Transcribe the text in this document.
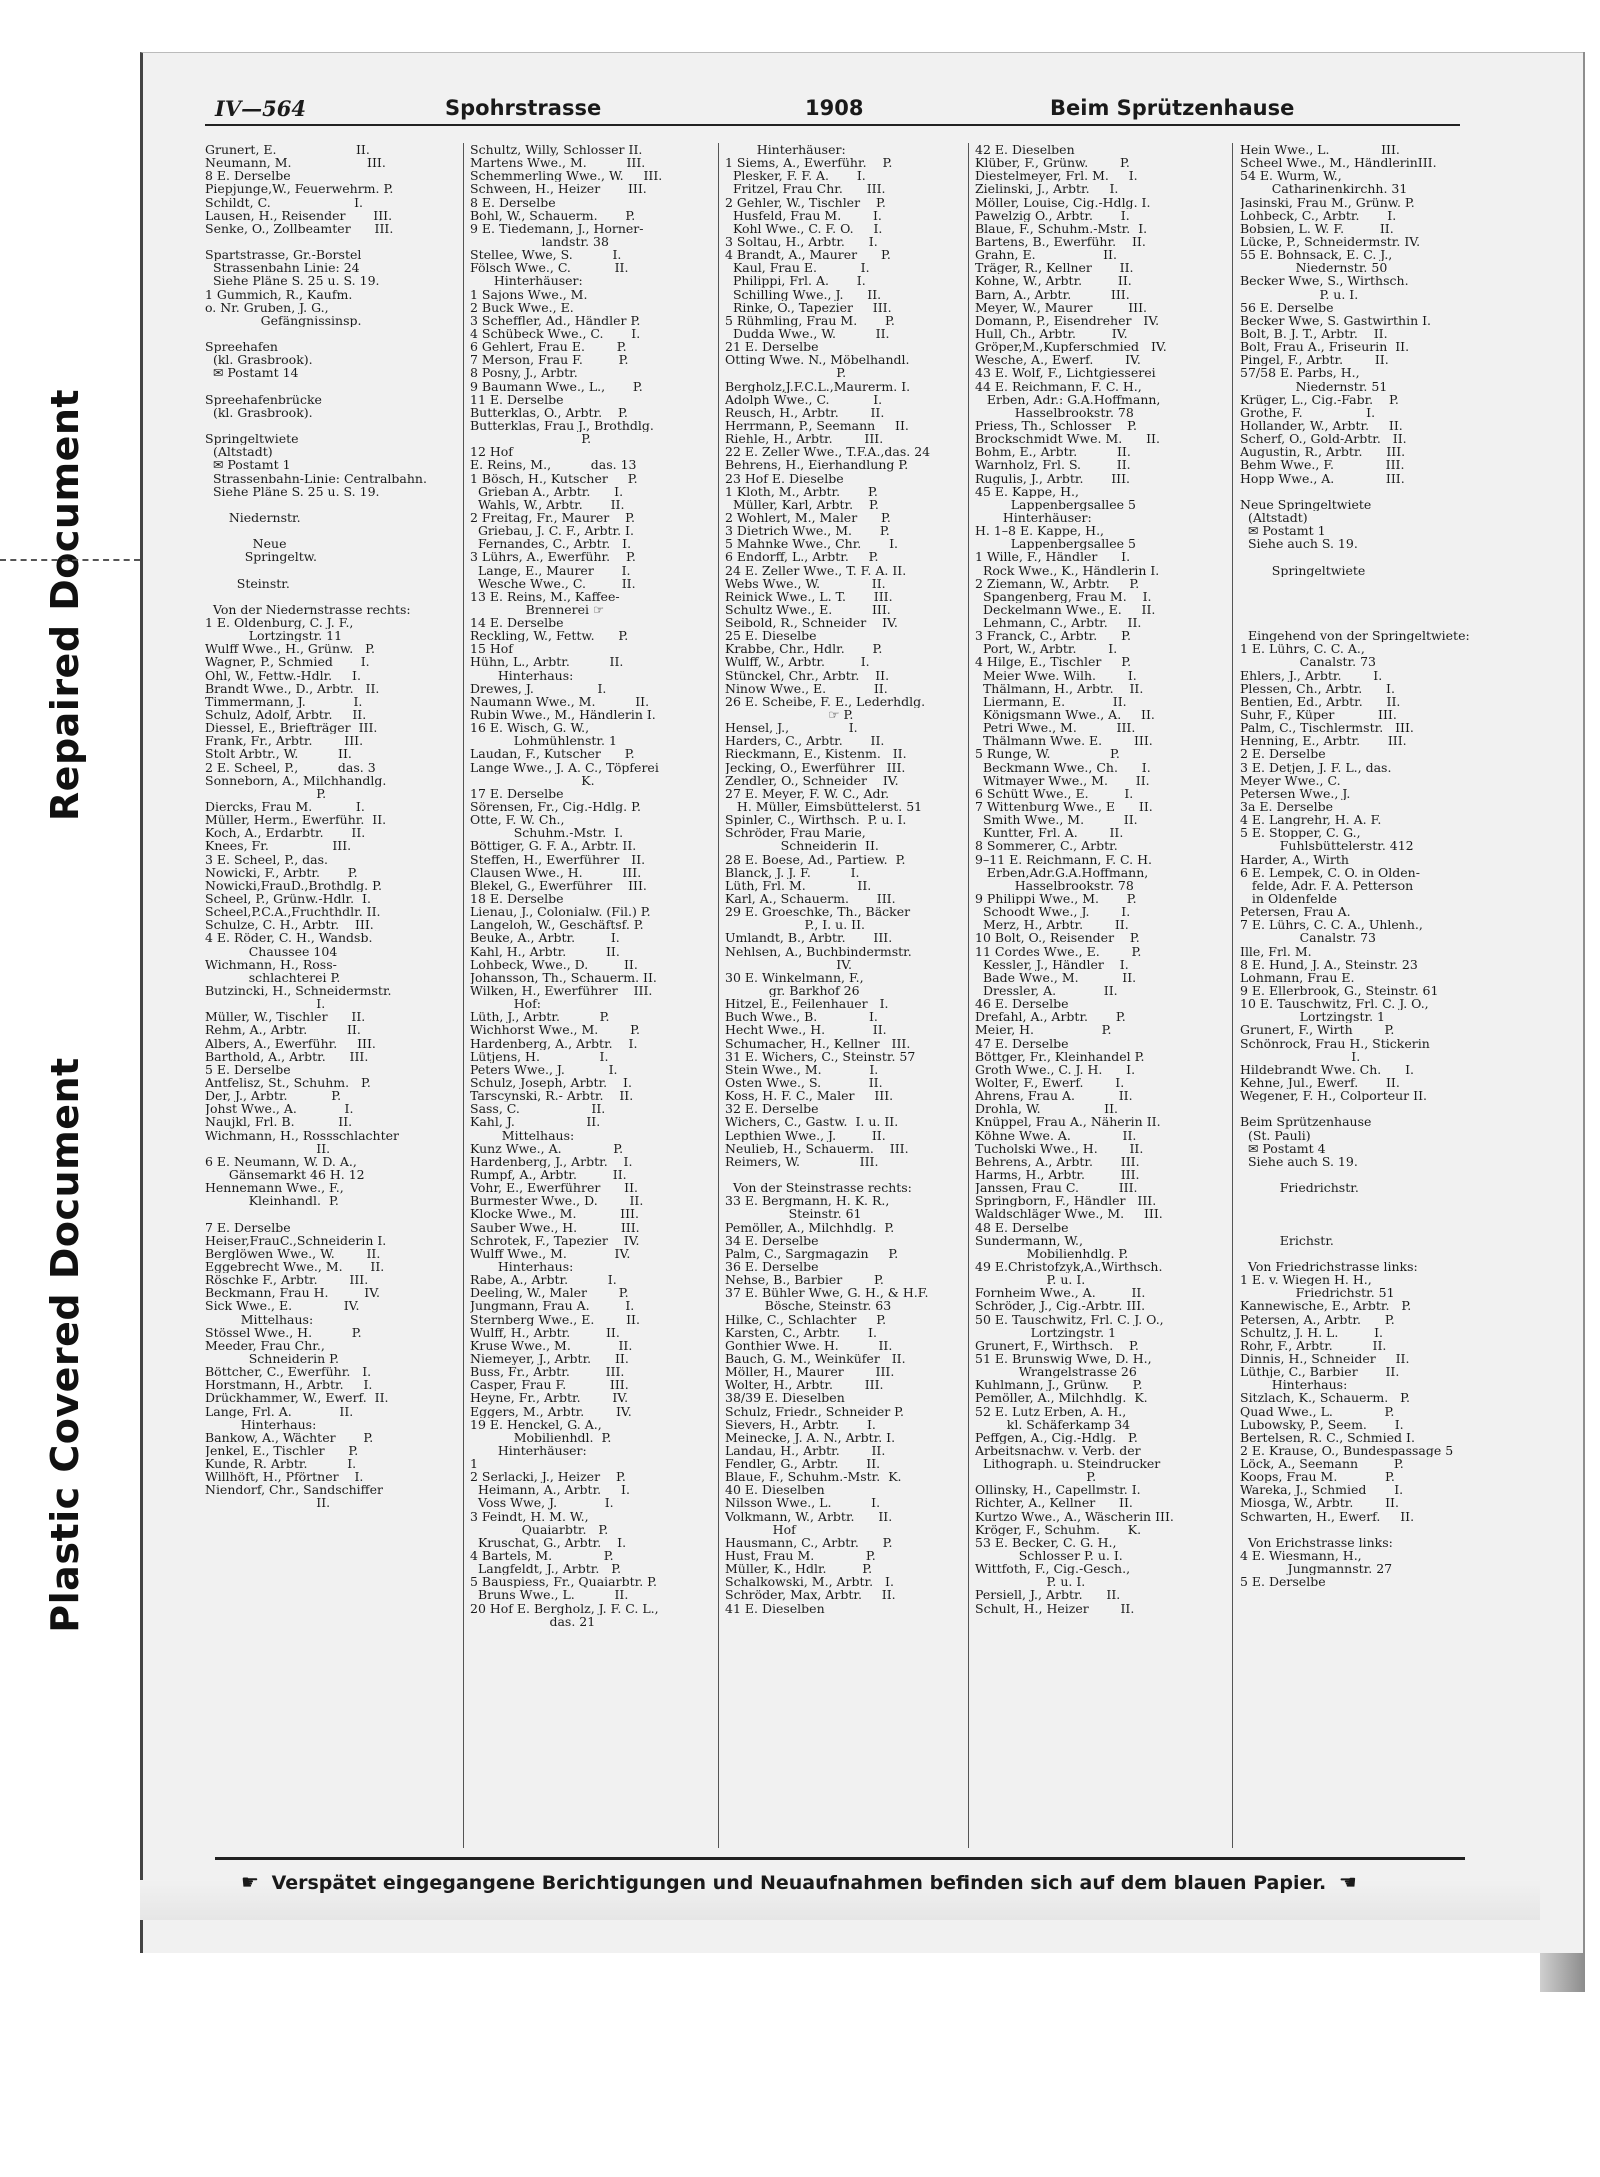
Repaired Document
Plastic Covered Document
IV—564	Spohrstrasse	1908	Beim Sprützenhause
Grunert, E.                    II.
Neumann, M.                   III.
8 E. Derselbe
Piepjunge,W., Feuerwehrm. P.
Schildt, C.                     I.
Lausen, H., Reisender       III.
Senke, O., Zollbeamter      III.
Spartstrasse, Gr.-Borstel
Strassenbahn Linie: 24
Siehe Pläne S. 25 u. S. 19.
1 Gummich, R., Kaufm.
o. Nr. Gruben, J. G.,
Gefängnissinsp.
Spreehafen
(kl. Grasbrook).
✉ Postamt 14
Spreehafenbrücke
(kl. Grasbrook).
Springeltwiete
(Altstadt)
✉ Postamt 1
Strassenbahn-Linie: Centralbahn.
Siehe Pläne S. 25 u. S. 19.
Niedernstr.
Neue
Springeltw.
Steinstr.
Von der Niedernstrasse rechts:
1 E. Oldenburg, C. J. F.,
Lortzingstr. 11
Wulff Wwe., H., Grünw.   P.
Wagner, P., Schmied       I.
Ohl, W., Fettw.-Hdlr.     I.
Brandt Wwe., D., Arbtr.   II.
Timmermann, J.            I.
Schulz, Adolf, Arbtr.     II.
Diessel, E., Briefträger  III.
Frank, Fr., Arbtr.        III.
Stolt Arbtr., W.          II.
2 E. Scheel, P.,          das. 3
Sonneborn, A., Milchhandlg.
P.
Diercks, Frau M.           I.
Müller, Herm., Ewerführ.  II.
Koch, A., Erdarbtr.       II.
Knees, Fr.                III.
3 E. Scheel, P., das.
Nowicki, F., Arbtr.       P.
Nowicki,FrauD.,Brothdlg. P.
Scheel, P., Grünw.-Hdlr.  I.
Scheel,P.C.A.,Fruchthdlr. II.
Schulze, C. H., Arbtr.    III.
4 E. Röder, C. H., Wandsb.
Chaussee 104
Wichmann, H., Ross-
schlachterei P.
Butzincki, H., Schneidermstr.
I.
Müller, W., Tischler      II.
Rehm, A., Arbtr.          II.
Albers, A., Ewerführ.     III.
Barthold, A., Arbtr.      III.
5 E. Derselbe
Antfelisz, St., Schuhm.   P.
Der, J., Arbtr.           P.
Johst Wwe., A.            I.
Naujkl, Frl. B.           II.
Wichmann, H., Rossschlachter
II.
6 E. Neumann, W. D. A.,
Gänsemarkt 46 H. 12
Hennemann Wwe., F.,
Kleinhandl.  P.
7 E. Derselbe
Heiser,FrauC.,Schneiderin I.
Berglöwen Wwe., W.        II.
Eggebrecht Wwe., M.       II.
Röschke F., Arbtr.        III.
Beckmann, Frau H.         IV.
Sick Wwe., E.             IV.
Mittelhaus:
Stössel Wwe., H.          P.
Meeder, Frau Chr.,
Schneiderin P.
Böttcher, C., Ewerführ.   I.
Horstmann, H., Arbtr.     I.
Drückhammer, W., Ewerf.  II.
Lange, Frl. A.            II.
Hinterhaus:
Bankow, A., Wächter       P.
Jenkel, E., Tischler      P.
Kunde, R. Arbtr.          I.
Willhöft, H., Pförtner    I.
Niendorf, Chr., Sandschiffer
II.
Schultz, Willy, Schlosser II.
Martens Wwe., M.          III.
Schemmerling Wwe., W.     III.
Schween, H., Heizer       III.
8 E. Derselbe
Bohl, W., Schauerm.       P.
9 E. Tiedemann, J., Horner-
landstr. 38
Stellee, Wwe, S.          I.
Fölsch Wwe., C.           II.
Hinterhäuser:
1 Sajons Wwe., M.
2 Buck Wwe., E.
3 Scheffler, Ad., Händler P.
4 Schübeck Wwe., C.       I.
6 Gehlert, Frau E.        P.
7 Merson, Frau F.         P.
8 Posny, J., Arbtr.
9 Baumann Wwe., L.,       P.
11 E. Derselbe
Butterklas, O., Arbtr.    P.
Butterklas, Frau J., Brothdlg.
P.
12 Hof
E. Reins, M.,          das. 13
1 Bösch, H., Kutscher     P.
Grieban A., Arbtr.      I.
Wahls, W., Arbtr.       II.
2 Freitag, Fr., Maurer    P.
Griebau, J. C. F., Arbtr. I.
Fernandes, C., Arbtr.   I.
3 Lührs, A., Ewerführ.    P.
Lange, E., Maurer       I.
Wesche Wwe., C.         II.
13 E. Reins, M., Kaffee-
Brennerei ☞
14 E. Derselbe
Reckling, W., Fettw.      P.
15 Hof
Hühn, L., Arbtr.          II.
Hinterhaus:
Drewes, J.                I.
Naumann Wwe., M.          II.
Rubin Wwe., M., Händlerin I.
16 E. Wisch, G. W.,
Lohmühlenstr. 1
Laudan, F., Kutscher      P.
Lange Wwe., J. A. C., Töpferei
K.
17 E. Derselbe
Sörensen, Fr., Cig.-Hdlg. P.
Otte, F. W. Ch.,
Schuhm.-Mstr.  I.
Böttiger, G. F. A., Arbtr. II.
Steffen, H., Ewerführer   II.
Clausen Wwe., H.          III.
Blekel, G., Ewerführer    III.
18 E. Derselbe
Lienau, J., Colonialw. (Fil.) P.
Langeloh, W., Geschäftsf. P.
Beuke, A., Arbtr.         I.
Kahl, H., Arbtr.          II.
Lohbeck, Wwe., D.         II.
Johansson, Th., Schauerm. II.
Wilken, H., Ewerführer    III.
Hof:
Lüth, J., Arbtr.          P.
Wichhorst Wwe., M.        P.
Hardenberg, A., Arbtr.    I.
Lütjens, H.               I.
Peters Wwe., J.           I.
Schulz, Joseph, Arbtr.    I.
Tarscynski, R.- Arbtr.    II.
Sass, C.                  II.
Kahl, J.                  II.
Mittelhaus:
Kunz Wwe., A.             P.
Hardenberg, J., Arbtr.    I.
Rumpf, A., Arbtr.         II.
Vohr, E., Ewerführer      II.
Burmester Wwe., D.        II.
Klocke Wwe., M.           III.
Sauber Wwe., H.           III.
Schrotek, F., Tapezier    IV.
Wulff Wwe., M.            IV.
Hinterhaus:
Rabe, A., Arbtr.          I.
Deeling, W., Maler        P.
Jungmann, Frau A.         I.
Sternberg Wwe., E.        II.
Wulff, H., Arbtr.         II.
Kruse Wwe., M.            II.
Niemeyer, J., Arbtr.      II.
Buss, Fr., Arbtr.         III.
Casper, Frau F.           III.
Heyne, Fr., Arbtr.        IV.
Eggers, M., Arbtr.        IV.
19 E. Henckel, G. A.,
Mobilienhdl.  P.
Hinterhäuser:
1
2 Serlacki, J., Heizer    P.
Heimann, A., Arbtr.     I.
Voss Wwe, J.            I.
3 Feindt, H. M. W.,
Quaiarbtr.   P.
Kruschat, G., Arbtr.    I.
4 Bartels, M.             P.
Langfeldt, J., Arbtr.   P.
5 Bauspiess, Fr., Quaiarbtr. P.
Bruns Wwe., L.          II.
20 Hof E. Bergholz, J. F. C. L.,
das. 21
Hinterhäuser:
1 Siems, A., Ewerführ.    P.
Plesker, F. F. A.       I.
Fritzel, Frau Chr.      III.
2 Gehler, W., Tischler    P.
Husfeld, Frau M.        I.
Kohl Wwe., C. F. O.     I.
3 Soltau, H., Arbtr.      I.
4 Brandt, A., Maurer      P.
Kaul, Frau E.           I.
Philippi, Frl. A.       I.
Schilling Wwe., J.      II.
Rinke, O., Tapezier     III.
5 Rühmling, Frau M.       P.
Dudda Wwe., W.          II.
21 E. Derselbe
Otting Wwe. N., Möbelhandl.
P.
Bergholz,J.F.C.L.,Maurerm. I.
Adolph Wwe., C.           I.
Reusch, H., Arbtr.        II.
Herrmann, P., Seemann     II.
Riehle, H., Arbtr.        III.
22 E. Zeller Wwe., T.F.A.,das. 24
Behrens, H., Eierhandlung P.
23 Hof E. Dieselbe
1 Kloth, M., Arbtr.       P.
Müller, Karl, Arbtr.    P.
2 Wohlert, M., Maler      P.
3 Dietrich Wwe., M.       P.
5 Mahnke Wwe., Chr.       I.
6 Endorff, L., Arbtr.     P.
24 E. Zeller Wwe., T. F. A. II.
Webs Wwe., W.             II.
Reinick Wwe., L. T.       III.
Schultz Wwe., E.          III.
Seibold, R., Schneider    IV.
25 E. Dieselbe
Krabbe, Chr., Hdlr.       P.
Wulff, W., Arbtr.         I.
Stünckel, Chr., Arbtr.    II.
Ninow Wwe., E.            II.
26 E. Scheibe, F. E., Lederhdlg.
☞ P.
Hensel, J.,               I.
Harders, C., Arbtr.       II.
Rieckmann, E., Kistenm.   II.
Jecking, O., Ewerführer   III.
Zendler, O., Schneider    IV.
27 E. Meyer, F. W. C., Adr.
H. Müller, Eimsbüttelerst. 51
Spinler, C., Wirthsch.  P. u. I.
Schröder, Frau Marie,
Schneiderin  II.
28 E. Boese, Ad., Partiew.  P.
Blanck, J. J. F.          I.
Lüth, Frl. M.             II.
Karl, A., Schauerm.       III.
29 E. Groeschke, Th., Bäcker
P., I. u. II.
Umlandt, B., Arbtr.       III.
Nehlsen, A., Buchbindermstr.
IV.
30 E. Winkelmann, F.,
gr. Barkhof 26
Hitzel, E., Feilenhauer   I.
Buch Wwe., B.             I.
Hecht Wwe., H.            II.
Schumacher, H., Kellner   III.
31 E. Wichers, C., Steinstr. 57
Stein Wwe., M.            I.
Osten Wwe., S.            II.
Koss, H. F. C., Maler     III.
32 E. Derselbe
Wichers, C., Gastw.  I. u. II.
Lepthien Wwe., J.         II.
Neulieb, H., Schauerm.    III.
Reimers, W.               III.
Von der Steinstrasse rechts:
33 E. Bergmann, H. K. R.,
Steinstr. 61
Pemöller, A., Milchhdlg.  P.
34 E. Derselbe
Palm, C., Sargmagazin     P.
36 E. Derselbe
Nehse, B., Barbier        P.
37 E. Bühler Wwe, G. H., & H.F.
Bösche, Steinstr. 63
Hilke, C., Schlachter     P.
Karsten, C., Arbtr.       I.
Gonthier Wwe. H.          II.
Bauch, G. M., Weinküfer   II.
Möller, H., Maurer        III.
Wolter, H., Arbtr.        III.
38/39 E. Dieselben
Schulz, Friedr., Schneider P.
Sievers, H., Arbtr.       I.
Meinecke, J. A. N., Arbtr. I.
Landau, H., Arbtr.        II.
Fendler, G., Arbtr.       II.
Blaue, F., Schuhm.-Mstr.  K.
40 E. Dieselben
Nilsson Wwe., L.          I.
Volkmann, W., Arbtr.      II.
Hof
Hausmann, C., Arbtr.      P.
Hust, Frau M.             P.
Müller, K., Hdlr.         P.
Schalkowski, M., Arbtr.   I.
Schröder, Max, Arbtr.     II.
41 E. Dieselben
42 E. Dieselben
Klüber, F., Grünw.        P.
Diestelmeyer, Frl. M.     I.
Zielinski, J., Arbtr.     I.
Möller, Louise, Cig.-Hdlg. I.
Pawelzig O., Arbtr.       I.
Blaue, F., Schuhm.-Mstr.  I.
Bartens, B., Ewerführ.    II.
Grahn, E.                 II.
Träger, R., Kellner       II.
Kohne, W., Arbtr.         II.
Barn, A., Arbtr.          III.
Meyer, W., Maurer         III.
Domann, P., Eisendreher   IV.
Hull, Ch., Arbtr.         IV.
Gröper,M.,Kupferschmied   IV.
Wesche, A., Ewerf.        IV.
43 E. Wolf, F., Lichtgiesserei
44 E. Reichmann, F. C. H.,
Erben, Adr.: G.A.Hoffmann,
Hasselbrookstr. 78
Priess, Th., Schlosser    P.
Brockschmidt Wwe. M.      II.
Bohm, E., Arbtr.          II.
Warnholz, Frl. S.         II.
Rugulis, J., Arbtr.       III.
45 E. Kappe, H.,
Lappenbergsallee 5
Hinterhäuser:
H. 1–8 E. Kappe, H.,
Lappenbergsallee 5
1 Wille, F., Händler      I.
Rock Wwe., K., Händlerin I.
2 Ziemann, W., Arbtr.     P.
Spangenberg, Frau M.    I.
Deckelmann Wwe., E.     II.
Lehmann, C., Arbtr.     II.
3 Franck, C., Arbtr.      P.
Port, W., Arbtr.        I.
4 Hilge, E., Tischler     P.
Meier Wwe. Wilh.        I.
Thälmann, H., Arbtr.    II.
Liermann, E.            II.
Königsmann Wwe., A.     II.
Petri Wwe., M.          III.
Thälmann Wwe. E.        III.
5 Runge, W.               P.
Beckmann Wwe., Ch.      I.
Witmayer Wwe., M.       II.
6 Schütt Wwe., E.         I.
7 Wittenburg Wwe., E      II.
Smith Wwe., M.          II.
Kuntter, Frl. A.        II.
8 Sommerer, C., Arbtr.
9–11 E. Reichmann, F. C. H.
Erben,Adr.G.A.Hoffmann,
Hasselbrookstr. 78
9 Philippi Wwe., M.       P.
Schoodt Wwe., J.        I.
Merz, H., Arbtr.        II.
10 Bolt, O., Reisender    P.
11 Cordes Wwe., E.        P.
Kessler, J., Händler    I.
Bade Wwe., M.           II.
Dressler, A.            II.
46 E. Derselbe
Drefahl, A., Arbtr.       P.
Meier, H.                 P.
47 E. Derselbe
Böttger, Fr., Kleinhandel P.
Groth Wwe., C. J. H.      I.
Wolter, F., Ewerf.        I.
Ahrens, Frau A.           II.
Drohla, W.                II.
Knüppel, Frau A., Näherin II.
Köhne Wwe. A.             II.
Tucholski Wwe., H.        II.
Behrens, A., Arbtr.       III.
Harms, H., Arbtr.         III.
Janssen, Frau C.          III.
Springborn, F., Händler   III.
Waldschläger Wwe., M.     III.
48 E. Derselbe
Sundermann, W.,
Mobilienhdlg. P.
49 E.Christofzyk,A.,Wirthsch.
P. u. I.
Fornheim Wwe., A.         II.
Schröder, J., Cig.-Arbtr. III.
50 E. Tauschwitz, Frl. C. J. O.,
Lortzingstr. 1
Grunert, F., Wirthsch.    P.
51 E. Brunswig Wwe, D. H.,
Wrangelstrasse 26
Kuhlmann, J., Grünw.      P.
Pemöller, A., Milchhdlg.  K.
52 E. Lutz Erben, A. H.,
kl. Schäferkamp 34
Peffgen, A., Cig.-Hdlg.   P.
Arbeitsnachw. v. Verb. der
Lithograph. u. Steindrucker
P.
Ollinsky, H., Capellmstr. I.
Richter, A., Kellner      II.
Kurtzo Wwe., A., Wäscherin III.
Kröger, F., Schuhm.       K.
53 E. Becker, C. G. H.,
Schlosser P. u. I.
Wittfoth, F., Cig.-Gesch.,
P. u. I.
Persiell, J., Arbtr.      II.
Schult, H., Heizer        II.
Hein Wwe., L.             III.
Scheel Wwe., M., HändlerinIII.
54 E. Wurm, W.,
Catharinenkirchh. 31
Jasinski, Frau M., Grünw. P.
Lohbeck, C., Arbtr.       I.
Bobsien, L. W. F.         II.
Lücke, P., Schneidermstr. IV.
55 E. Bohnsack, E. C. J.,
Niedernstr. 50
Becker Wwe, S., Wirthsch.
P. u. I.
56 E. Derselbe
Becker Wwe, S. Gastwirthin I.
Bolt, B. J. T., Arbtr.    II.
Bolt, Frau A., Friseurin  II.
Pingel, F., Arbtr.        II.
57/58 E. Parbs, H.,
Niedernstr. 51
Krüger, L., Cig.-Fabr.    P.
Grothe, F.                I.
Hollander, W., Arbtr.     II.
Scherf, O., Gold-Arbtr.   II.
Augustin, R., Arbtr.      III.
Behm Wwe., F.             III.
Hopp Wwe., A.             III.
Neue Springeltwiete
(Altstadt)
✉ Postamt 1
Siehe auch S. 19.
Springeltwiete
Eingehend von der Springeltwiete:
1 E. Lührs, C. C. A.,
Canalstr. 73
Ehlers, J., Arbtr.        I.
Plessen, Ch., Arbtr.      I.
Bentien, Ed., Arbtr.      II.
Suhr, F., Küper           III.
Palm, C., Tischlermstr.   III.
Henning, E., Arbtr.       III.
2 E. Derselbe
3 E. Detjen, J. F. L., das.
Meyer Wwe., C.
Petersen Wwe., J.
3a E. Derselbe
4 E. Langrehr, H. A. F.
5 E. Stopper, C. G.,
Fuhlsbüttelerstr. 412
Harder, A., Wirth
6 E. Lempek, C. O. in Olden-
felde, Adr. F. A. Petterson
in Oldenfelde
Petersen, Frau A.
7 E. Lührs, C. C. A., Uhlenh.,
Canalstr. 73
Ille, Frl. M.
8 E. Hund, J. A., Steinstr. 23
Lohmann, Frau E.
9 E. Ellerbrook, G., Steinstr. 61
10 E. Tauschwitz, Frl. C. J. O.,
Lortzingstr. 1
Grunert, F., Wirth        P.
Schönrock, Frau H., Stickerin
I.
Hildebrandt Wwe. Ch.      I.
Kehne, Jul., Ewerf.       II.
Wegener, F. H., Colporteur II.
Beim Sprützenhause
(St. Pauli)
✉ Postamt 4
Siehe auch S. 19.
Friedrichstr.
Erichstr.
Von Friedrichstrasse links:
1 E. v. Wiegen H. H.,
Friedrichstr. 51
Kannewische, E., Arbtr.   P.
Petersen, A., Arbtr.      P.
Schultz, J. H. L.         I.
Rohr, F., Arbtr.          II.
Dinnis, H., Schneider     II.
Lüthje, C., Barbier       II.
Hinterhaus:
Sitzlach, K., Schauerm.   P.
Quad Wwe., L.             P.
Lubowsky, P., Seem.       I.
Bertelsen, R. C., Schmied I.
2 E. Krause, O., Bundespassage 5
Löck, A., Seemann         P.
Koops, Frau M.            P.
Wareka, J., Schmied       I.
Miosga, W., Arbtr.        II.
Schwarten, H., Ewerf.     II.
Von Erichstrasse links:
4 E. Wiesmann, H.,
Jungmannstr. 27
5 E. Derselbe
☛ Verspätet eingegangene Berichtigungen und Neuaufnahmen befinden sich auf dem blauen Papier. ☚
